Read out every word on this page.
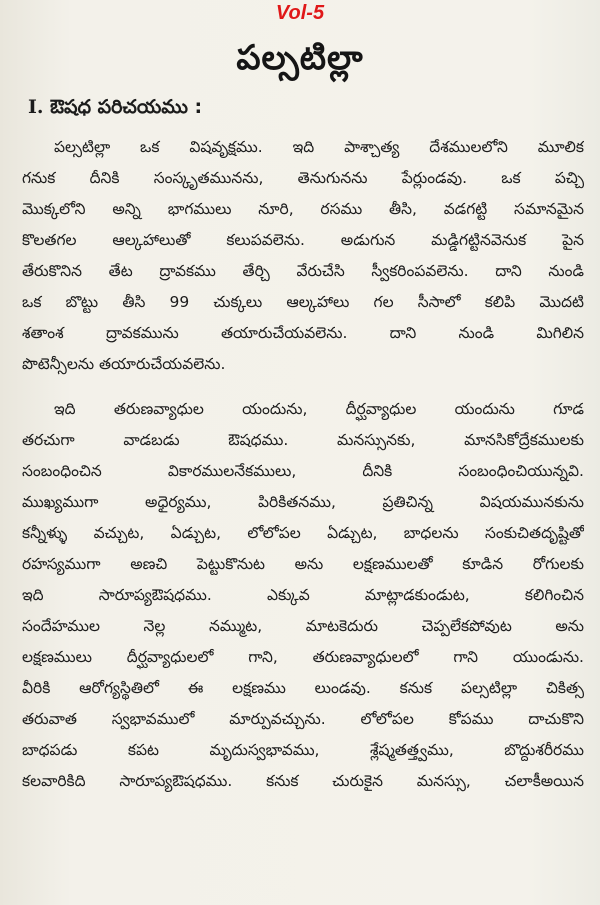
Vol-5
పల్సటిల్లా
I. ఔషధ పరిచయము :
పల్సటిల్లా ఒక విషవృక్షము. ఇది పాశ్చాత్య దేశములలోని మూలిక
గనుక దీనికి సంస్కృతమునను, తెనుగునను పేర్లుండవు. ఒక పచ్చి
మొక్కలోని అన్ని భాగములు నూరి, రసము తీసి, వడగట్టి సమానమైన
కొలతగల ఆల్కహాలుతో కలుపవలెను. అడుగున మడ్డిగట్టినవెనుక పైన
తేరుకొనిన తేట ద్రావకము తేర్చి వేరుచేసి స్వీకరింపవలెను. దాని నుండి
ఒక బొట్టు తీసి 99 చుక్కలు ఆల్కహాలు గల సీసాలో కలిపి మొదటి
శతాంశ ద్రావకమును తయారుచేయవలెను. దాని నుండి మిగిలిన
పొటెన్సీలను తయారుచేయవలెను.
ఇది తరుణవ్యాధుల యందును, దీర్ఘవ్యాధుల యందును గూడ
తరచుగా వాడబడు ఔషధము. మనస్సునకు, మానసికోద్రేకములకు
సంబంధించిన వికారములనేకములు, దీనికి సంబంధించియున్నవి.
ముఖ్యముగా అధైర్యము, పిరికితనము, ప్రతిచిన్న విషయమునకును
కన్నీళ్ళు వచ్చుట, ఏడ్చుట, లోలోపల ఏడ్చుట, బాధలను సంకుచితదృష్టితో
రహస్యముగా అణచి పెట్టుకొనుట అను లక్షణములతో కూడిన రోగులకు
ఇది సారూప్యఔషధము. ఎక్కువ మాట్లాడకుండుట, కలిగించిన
సందేహముల నెల్ల నమ్ముట, మాటకెదురు చెప్పలేకపోవుట అను
లక్షణములు దీర్ఘవ్యాధులలో గాని, తరుణవ్యాధులలో గాని యుండును.
వీరికి ఆరోగ్యస్థితిలో ఈ లక్షణము లుండవు. కనుక పల్సటిల్లా చికిత్స
తరువాత స్వభావములో మార్పువచ్చును. లోలోపల కోపము దాచుకొని
బాధపడు కపట మృదుస్వభావము, శ్లేష్మతత్త్వము, బొద్దుశరీరము
కలవారికిది సారూప్యఔషధము. కనుక చురుకైన మనస్సు, చలాకీఅయిన
